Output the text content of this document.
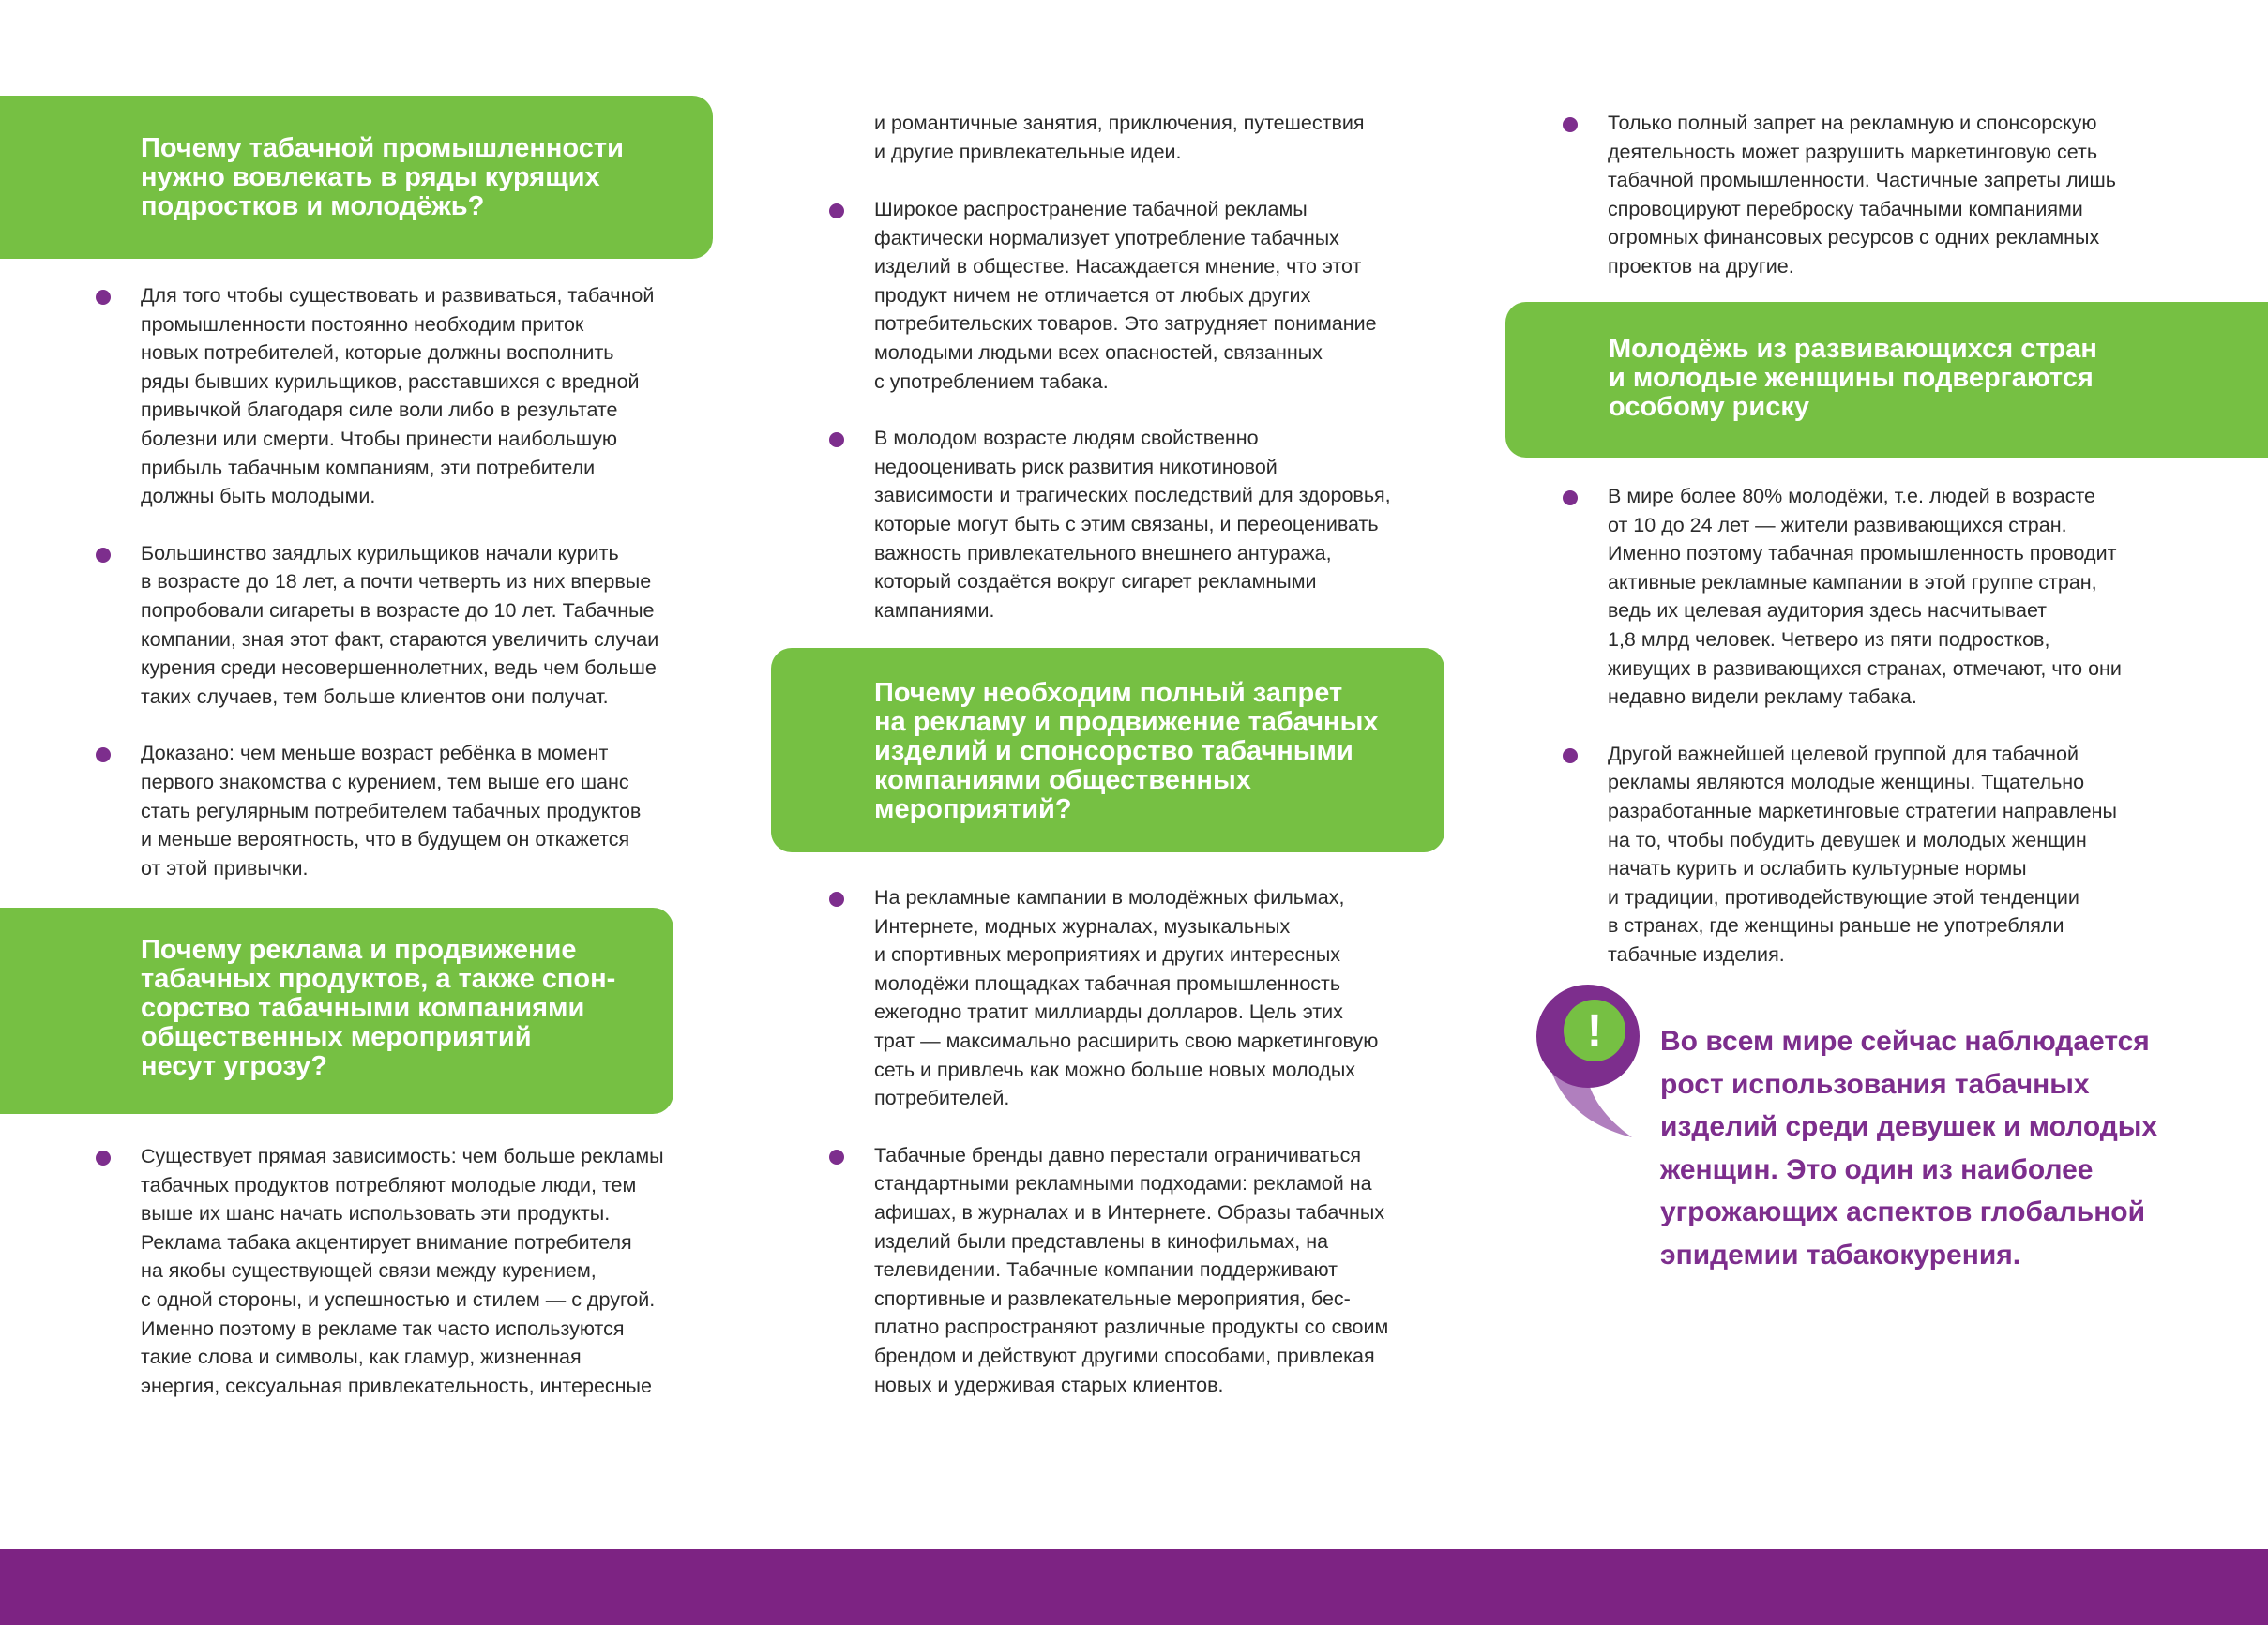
Почему табачной промышленности
нужно вовлекать в ряды курящих
подростков и молодёжь?
Для того чтобы существовать и развиваться, табачной
промышленности постоянно необходим приток
новых потребителей, которые должны восполнить
ряды бывших курильщиков, расставшихся с вредной
привычкой благодаря силе воли либо в результате
болезни или смерти. Чтобы принести наибольшую
прибыль табачным компаниям, эти потребители
должны быть молодыми.
Большинство заядлых курильщиков начали курить
в возрасте до 18 лет, а почти четверть из них впервые
попробовали сигареты в возрасте до 10 лет. Табачные
компании, зная этот факт, стараются увеличить случаи
курения среди несовершеннолетних, ведь чем больше
таких случаев, тем больше клиентов они получат.
Доказано: чем меньше возраст ребёнка в момент
первого знакомства с курением, тем выше его шанс
стать регулярным потребителем табачных продуктов
и меньше вероятность, что в будущем он откажется
от этой привычки.
Почему реклама и продвижение
табачных продуктов, а также спон-
сорство табачными компаниями
общественных мероприятий
несут угрозу?
Существует прямая зависимость: чем больше рекламы
табачных продуктов потребляют молодые люди, тем
выше их шанс начать использовать эти продукты.
Реклама табака акцентирует внимание потребителя
на якобы существующей связи между курением,
с одной стороны, и успешностью и стилем — с другой.
Именно поэтому в рекламе так часто используются
такие слова и символы, как гламур, жизненная
энергия, сексуальная привлекательность, интересные
и романтичные занятия, приключения, путешествия
и другие привлекательные идеи.
Широкое распространение табачной рекламы
фактически нормализует употребление табачных
изделий в обществе. Насаждается мнение, что этот
продукт ничем не отличается от любых других
потребительских товаров. Это затрудняет понимание
молодыми людьми всех опасностей, связанных
с употреблением табака.
В молодом возрасте людям свойственно
недооценивать риск развития никотиновой
зависимости и трагических последствий для здоровья,
которые могут быть с этим связаны, и переоценивать
важность привлекательного внешнего антуража,
который создаётся вокруг сигарет рекламными
кампаниями.
Почему необходим полный запрет
на рекламу и продвижение табачных
изделий и спонсорство табачными
компаниями общественных
мероприятий?
На рекламные кампании в молодёжных фильмах,
Интернете, модных журналах, музыкальных
и спортивных мероприятиях и других интересных
молодёжи площадках табачная промышленность
ежегодно тратит миллиарды долларов. Цель этих
трат — максимально расширить свою маркетинговую
сеть и привлечь как можно больше новых молодых
потребителей.
Табачные бренды давно перестали ограничиваться
стандартными рекламными подходами: рекламой на
афишах, в журналах и в Интернете. Образы табачных
изделий были представлены в кинофильмах, на
телевидении. Табачные компании поддерживают
спортивные и развлекательные мероприятия, бес-
платно распространяют различные продукты со своим
брендом и действуют другими способами, привлекая
новых и удерживая старых клиентов.
Только полный запрет на рекламную и спонсорскую
деятельность может разрушить маркетинговую сеть
табачной промышленности. Частичные запреты лишь
спровоцируют переброску табачными компаниями
огромных финансовых ресурсов с одних рекламных
проектов на другие.
Молодёжь из развивающихся стран
и молодые женщины подвергаются
особому риску
В мире более 80% молодёжи, т.е. людей в возрасте
от 10 до 24 лет — жители развивающихся стран.
Именно поэтому табачная промышленность проводит
активные рекламные кампании в этой группе стран,
ведь их целевая аудитория здесь насчитывает
1,8 млрд человек. Четверо из пяти подростков,
живущих в развивающихся странах, отмечают, что они
недавно видели рекламу табака.
Другой важнейшей целевой группой для табачной
рекламы являются молодые женщины. Тщательно
разработанные маркетинговые стратегии направлены
на то, чтобы побудить девушек и молодых женщин
начать курить и ослабить культурные нормы
и традиции, противодействующие этой тенденции
в странах, где женщины раньше не употребляли
табачные изделия.
! Во всем мире сейчас наблюдается
рост использования табачных
изделий среди девушек и молодых
женщин. Это один из наиболее
угрожающих аспектов глобальной
эпидемии табакокурения.
